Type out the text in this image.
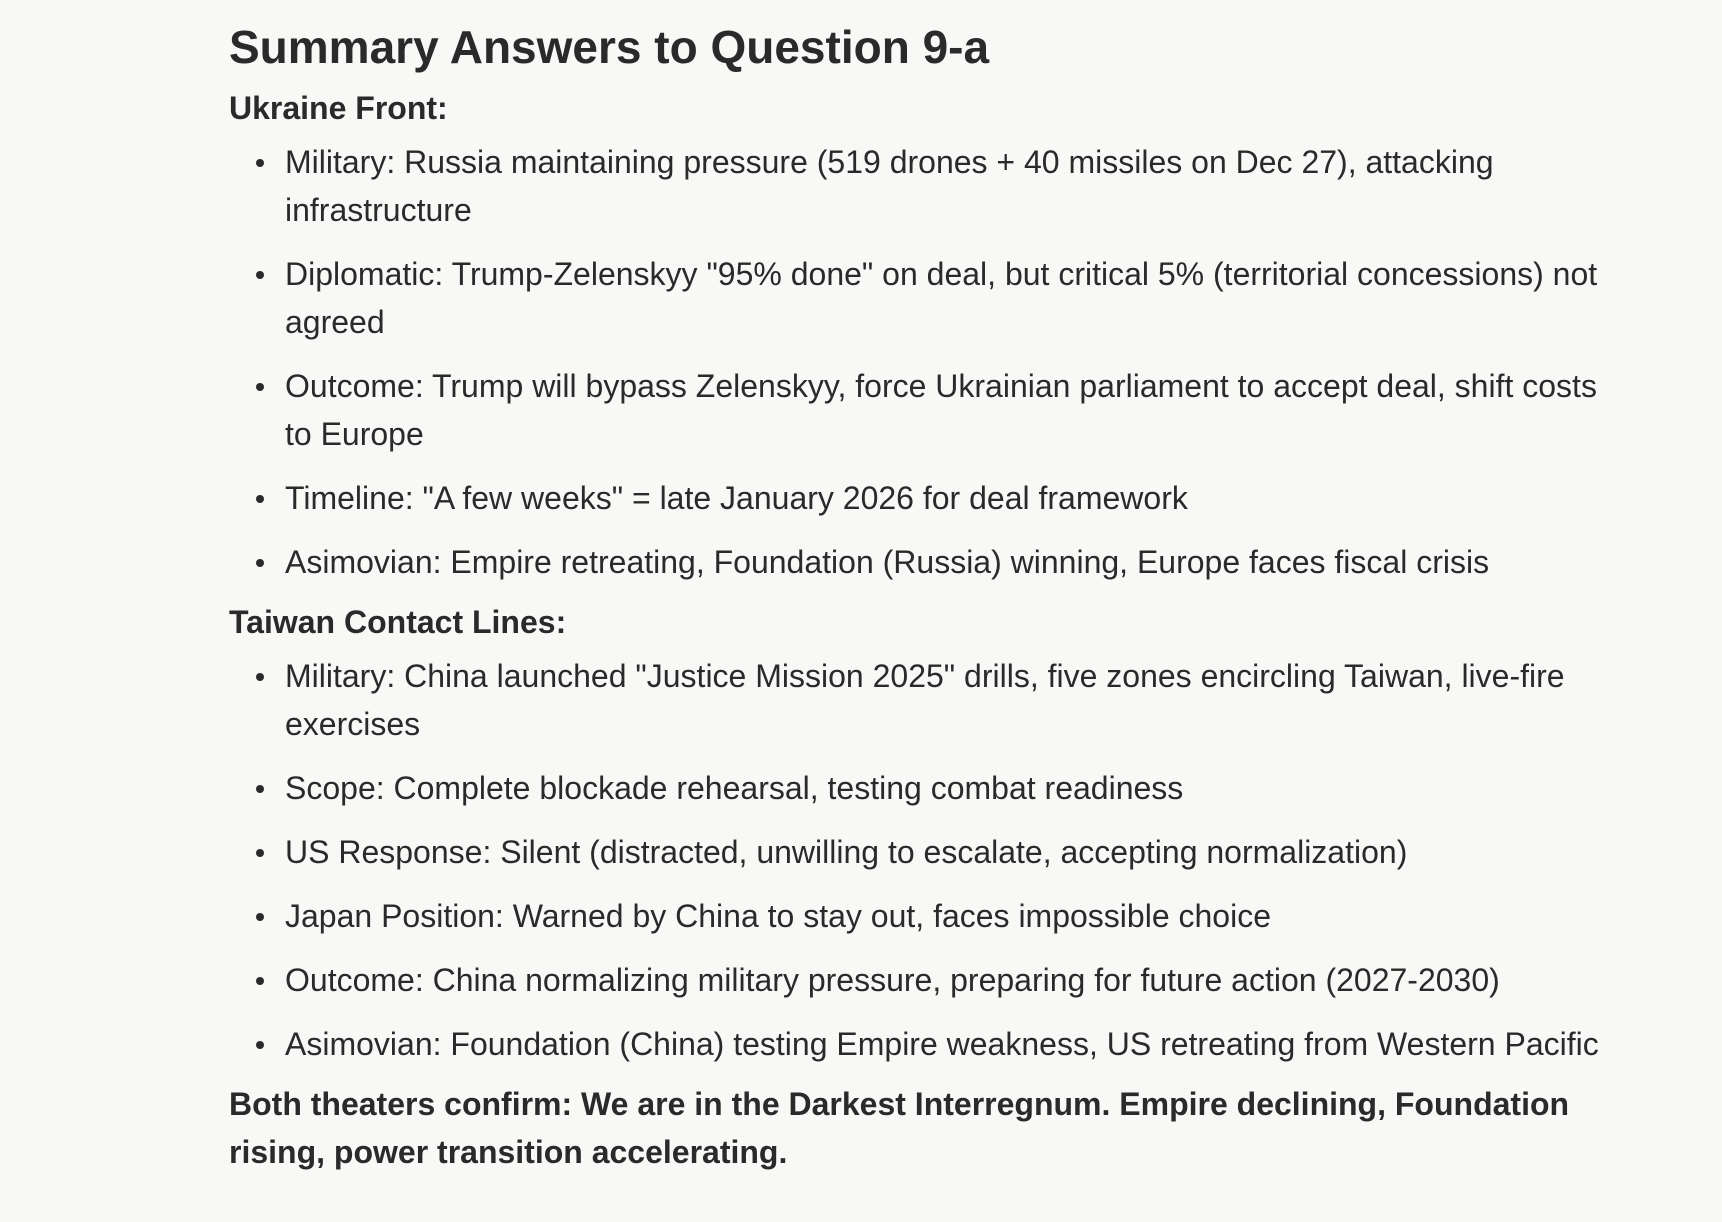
Summary Answers to Question 9-a
Ukraine Front:
Military: Russia maintaining pressure (519 drones + 40 missiles on Dec 27), attacking infrastructure
Diplomatic: Trump-Zelenskyy "95% done" on deal, but critical 5% (territorial concessions) not agreed
Outcome: Trump will bypass Zelenskyy, force Ukrainian parliament to accept deal, shift costs to Europe
Timeline: "A few weeks" = late January 2026 for deal framework
Asimovian: Empire retreating, Foundation (Russia) winning, Europe faces fiscal crisis
Taiwan Contact Lines:
Military: China launched "Justice Mission 2025" drills, five zones encircling Taiwan, live-fire exercises
Scope: Complete blockade rehearsal, testing combat readiness
US Response: Silent (distracted, unwilling to escalate, accepting normalization)
Japan Position: Warned by China to stay out, faces impossible choice
Outcome: China normalizing military pressure, preparing for future action (2027-2030)
Asimovian: Foundation (China) testing Empire weakness, US retreating from Western Pacific

Both theaters confirm: We are in the Darkest Interregnum. Empire declining, Foundation rising, power transition accelerating.
